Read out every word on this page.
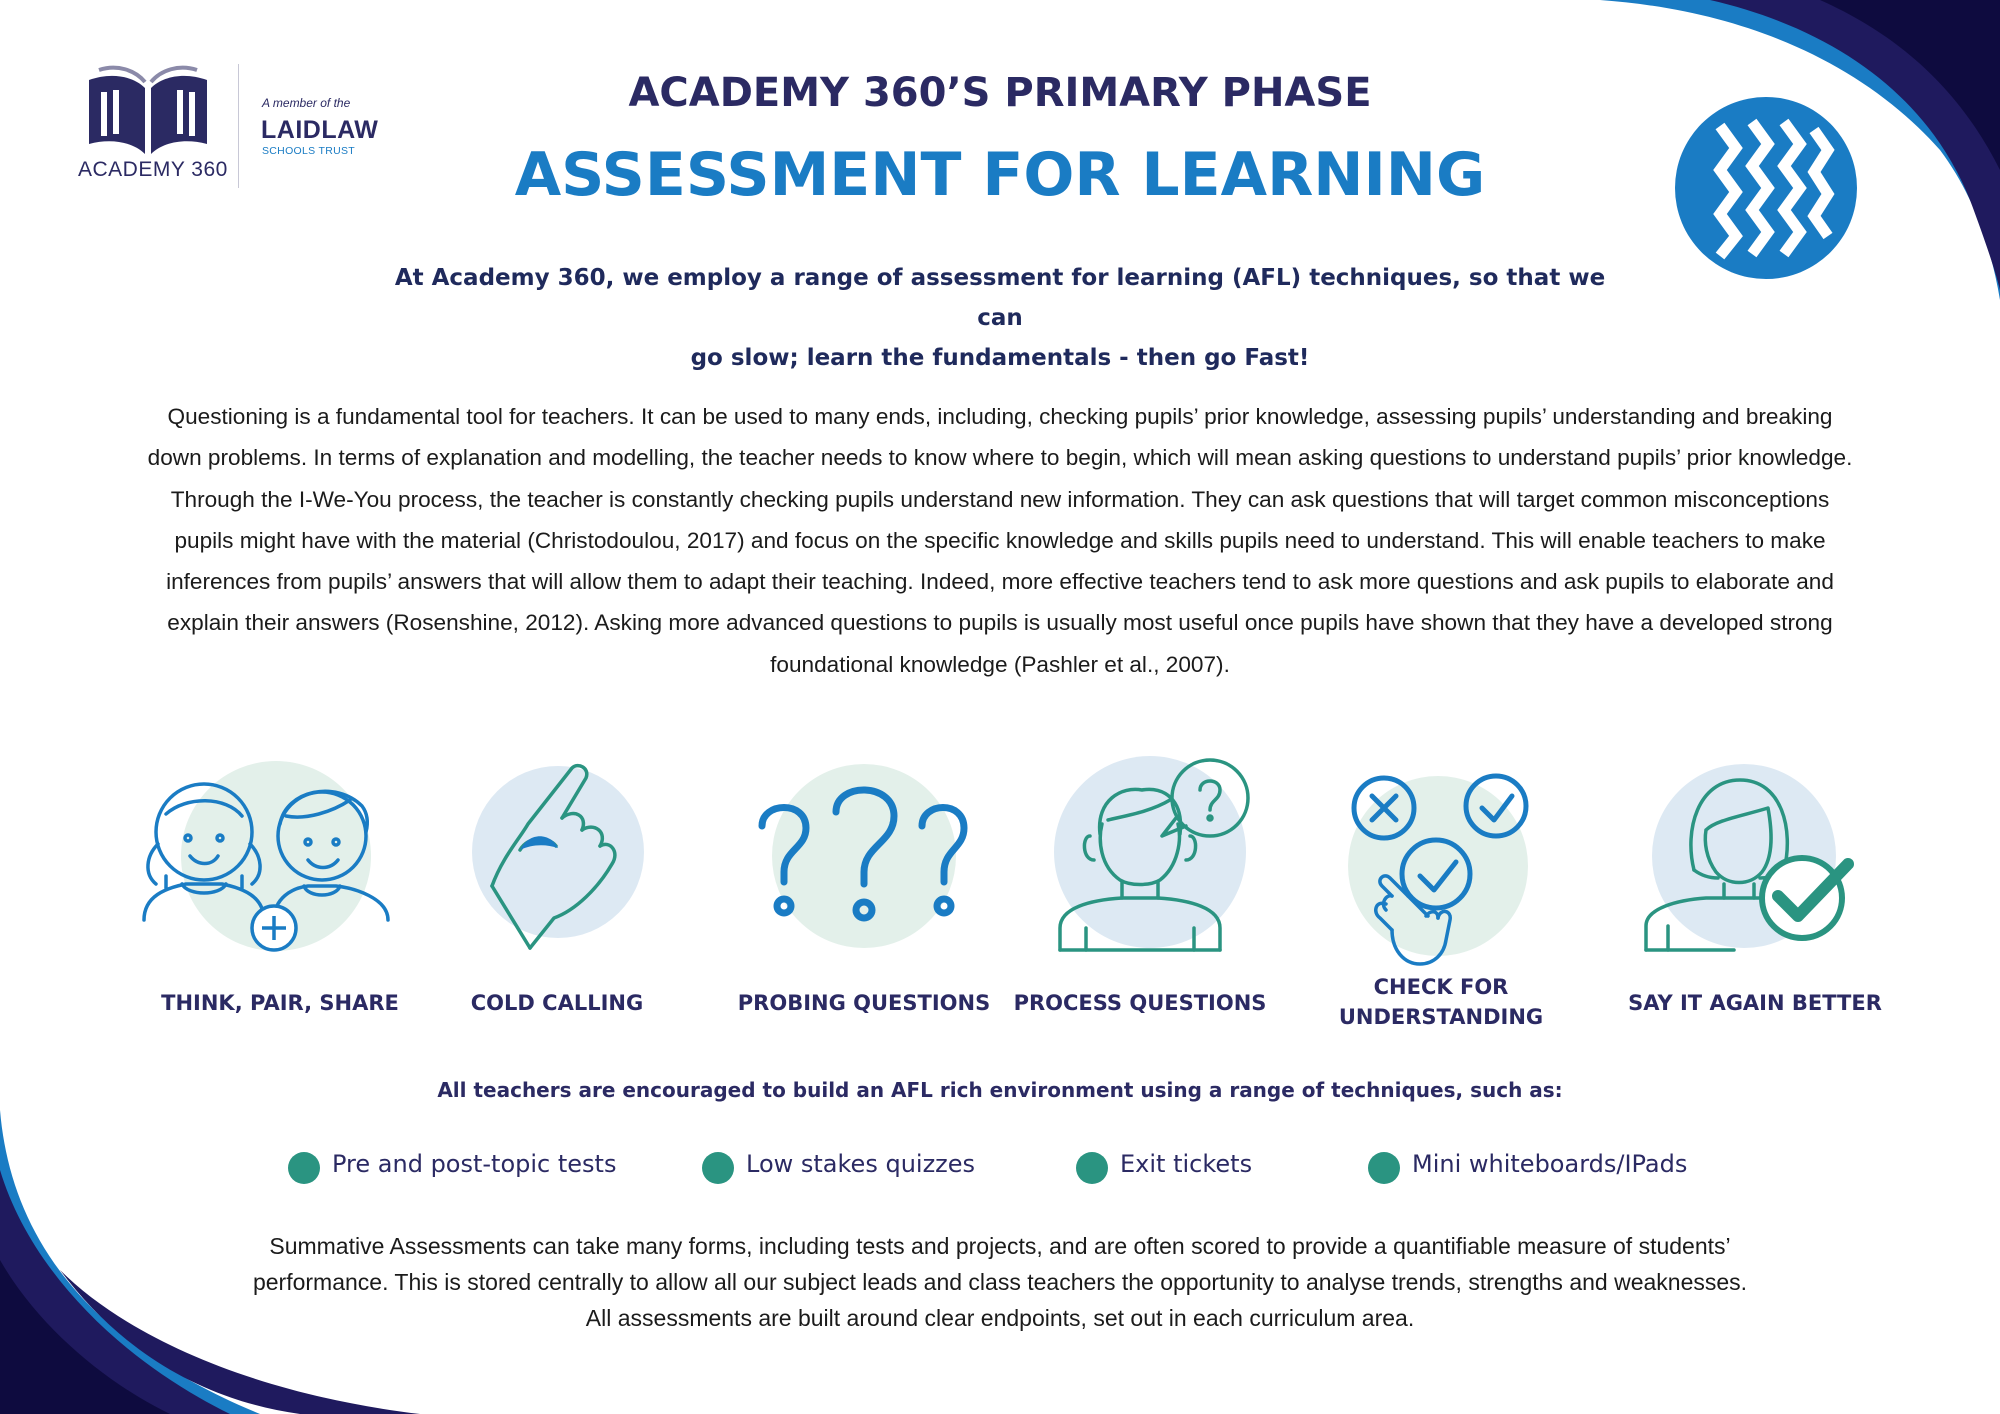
ACADEMY 360
A member of the
LAIDLAW
SCHOOLS TRUST
ACADEMY 360’S PRIMARY PHASE
ASSESSMENT FOR LEARNING
At Academy 360, we employ a range of assessment for learning (AFL) techniques, so that we can
go slow; learn the fundamentals - then go Fast!
Questioning is a fundamental tool for teachers. It can be used to many ends, including, checking pupils’ prior knowledge, assessing pupils’ understanding and breaking down problems. In terms of explanation and modelling, the teacher needs to know where to begin, which will mean asking questions to understand pupils’ prior knowledge. Through the I-We-You process, the teacher is constantly checking pupils understand new information. They can ask questions that will target common misconceptions pupils might have with the material (Christodoulou, 2017) and focus on the specific knowledge and skills pupils need to understand. This will enable teachers to make inferences from pupils’ answers that will allow them to adapt their teaching. Indeed, more effective teachers tend to ask more questions and ask pupils to elaborate and explain their answers (Rosenshine, 2012). Asking more advanced questions to pupils is usually most useful once pupils have shown that they have a developed strong foundational knowledge (Pashler et al., 2007).
THINK, PAIR, SHARE	COLD CALLING	PROBING QUESTIONS PROCESS QUESTIONS
CHECK FOR
UNDERSTANDING
SAY IT AGAIN BETTER
All teachers are encouraged to build an AFL rich environment using a range of techniques, such as:
Pre and post-topic tests	Low stakes quizzes	Exit tickets	Mini whiteboards/IPads
Summative Assessments can take many forms, including tests and projects, and are often scored to provide a quantifiable measure of students’
performance. This is stored centrally to allow all our subject leads and class teachers the opportunity to analyse trends, strengths and weaknesses.
All assessments are built around clear endpoints, set out in each curriculum area.
